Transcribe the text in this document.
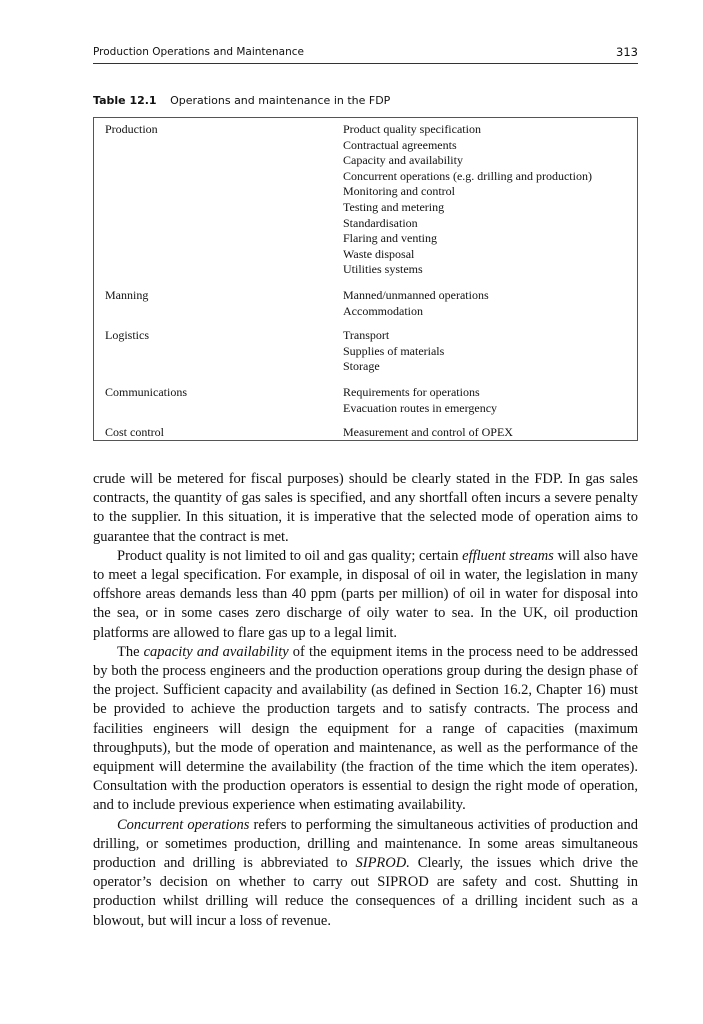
Production Operations and Maintenance	313
Table 12.1 Operations and maintenance in the FDP
Production	Product quality specification
Contractual agreements
Capacity and availability
Concurrent operations (e.g. drilling and production)
Monitoring and control
Testing and metering
Standardisation
Flaring and venting
Waste disposal
Utilities systems
Manning	Manned/unmanned operations
Accommodation
Logistics	Transport
Supplies of materials
Storage
Communications	Requirements for operations
Evacuation routes in emergency
Cost control	Measurement and control of OPEX

crude will be metered for fiscal purposes) should be clearly stated in the FDP. In gas sales contracts, the quantity of gas sales is specified, and any shortfall often incurs a severe penalty to the supplier. In this situation, it is imperative that the selected mode of operation aims to guarantee that the contract is met.

Product quality is not limited to oil and gas quality; certain effluent streams will also have to meet a legal specification. For example, in disposal of oil in water, the legislation in many offshore areas demands less than 40 ppm (parts per million) of oil in water for disposal into the sea, or in some cases zero discharge of oily water to sea. In the UK, oil production platforms are allowed to flare gas up to a legal limit.

The capacity and availability of the equipment items in the process need to be addressed by both the process engineers and the production operations group during the design phase of the project. Sufficient capacity and availability (as defined in Section 16.2, Chapter 16) must be provided to achieve the production targets and to satisfy contracts. The process and facilities engineers will design the equipment for a range of capacities (maximum throughputs), but the mode of operation and maintenance, as well as the performance of the equipment will determine the availability (the fraction of the time which the item operates). Consultation with the production operators is essential to design the right mode of operation, and to include previous experience when estimating availability.

Concurrent operations refers to performing the simultaneous activities of production and drilling, or sometimes production, drilling and maintenance. In some areas simultaneous production and drilling is abbreviated to SIPROD. Clearly, the issues which drive the operator’s decision on whether to carry out SIPROD are safety and cost. Shutting in production whilst drilling will reduce the consequences of a drilling incident such as a blowout, but will incur a loss of revenue.
